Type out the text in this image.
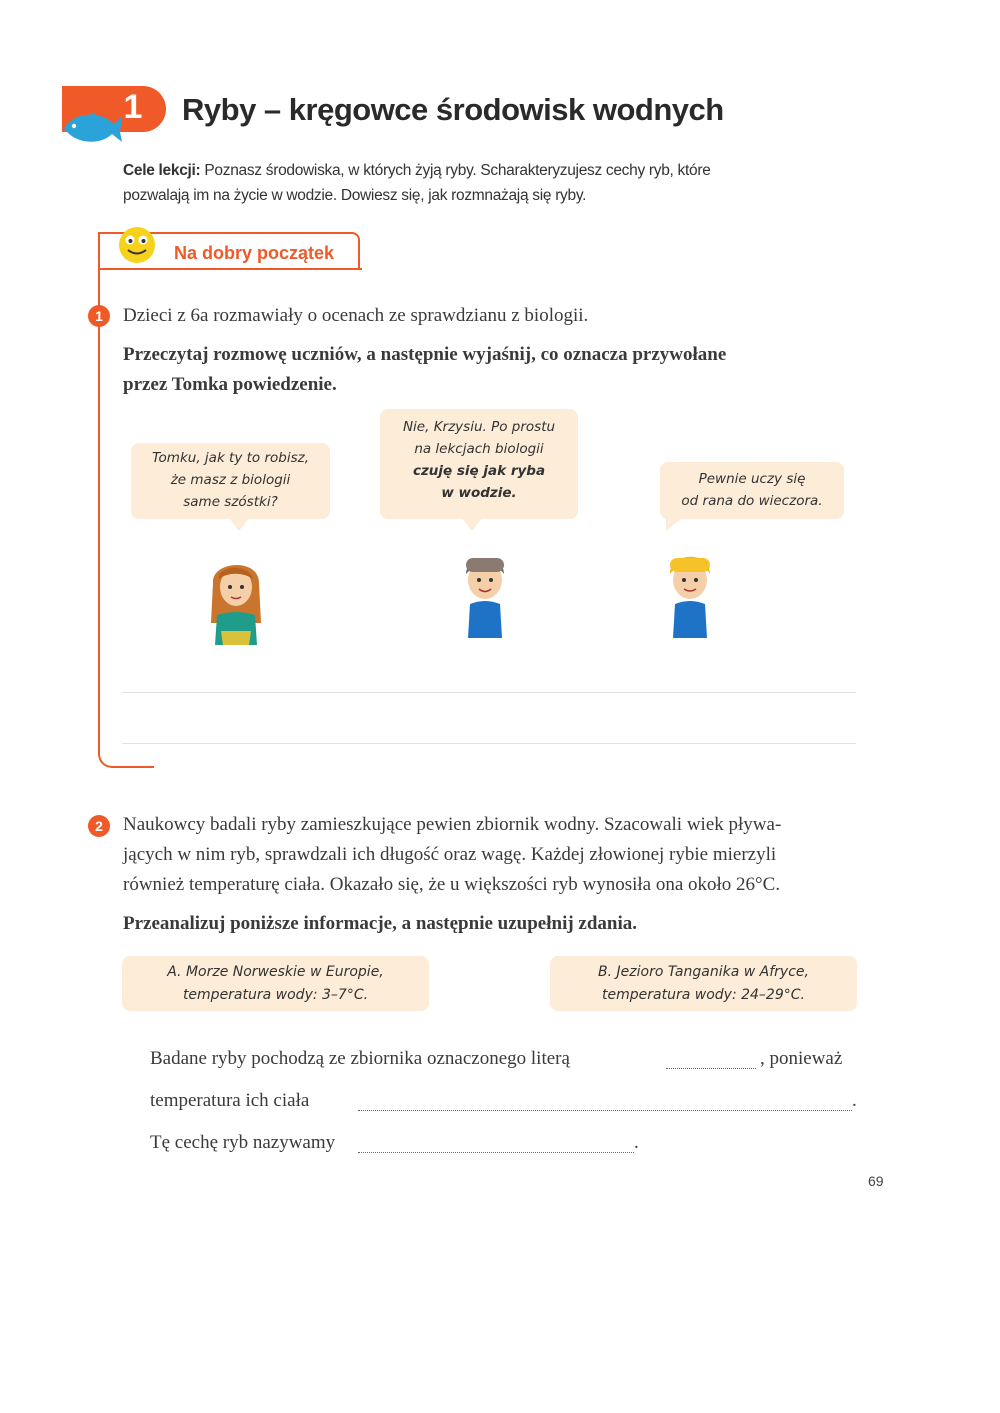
1 Ryby – kręgowce środowisk wodnych
Cele lekcji: Poznasz środowiska, w których żyją ryby. Scharakteryzujesz cechy ryb, które
pozwalają im na życie w wodzie. Dowiesz się, jak rozmnażają się ryby.
Na dobry początek
1	Dzieci z 6a rozmawiały o ocenach ze sprawdzianu z biologii.
Przeczytaj rozmowę uczniów, a następnie wyjaśnij, co oznacza przywołane
przez Tomka powiedzenie.
Tomku, jak ty to robisz,
że masz z biologii
same szóstki?
Nie, Krzysiu. Po prostu
na lekcjach biologii
czuję się jak ryba
w wodzie.
Pewnie uczy się
od rana do wieczora.
2	Naukowcy badali ryby zamieszkujące pewien zbiornik wodny. Szacowali wiek pływa-
jących w nim ryb, sprawdzali ich długość oraz wagę. Każdej złowionej rybie mierzyli
również temperaturę ciała. Okazało się, że u większości ryb wynosiła ona około 26°C.
Przeanalizuj poniższe informacje, a następnie uzupełnij zdania.
A. Morze Norweskie w Europie,
temperatura wody: 3–7°C.
B. Jezioro Tanganika w Afryce,
temperatura wody: 24–29°C.
Badane ryby pochodzą ze zbiornika oznaczonego literą	, ponieważ
temperatura ich ciała	.
Tę cechę ryb nazywamy	.
69
